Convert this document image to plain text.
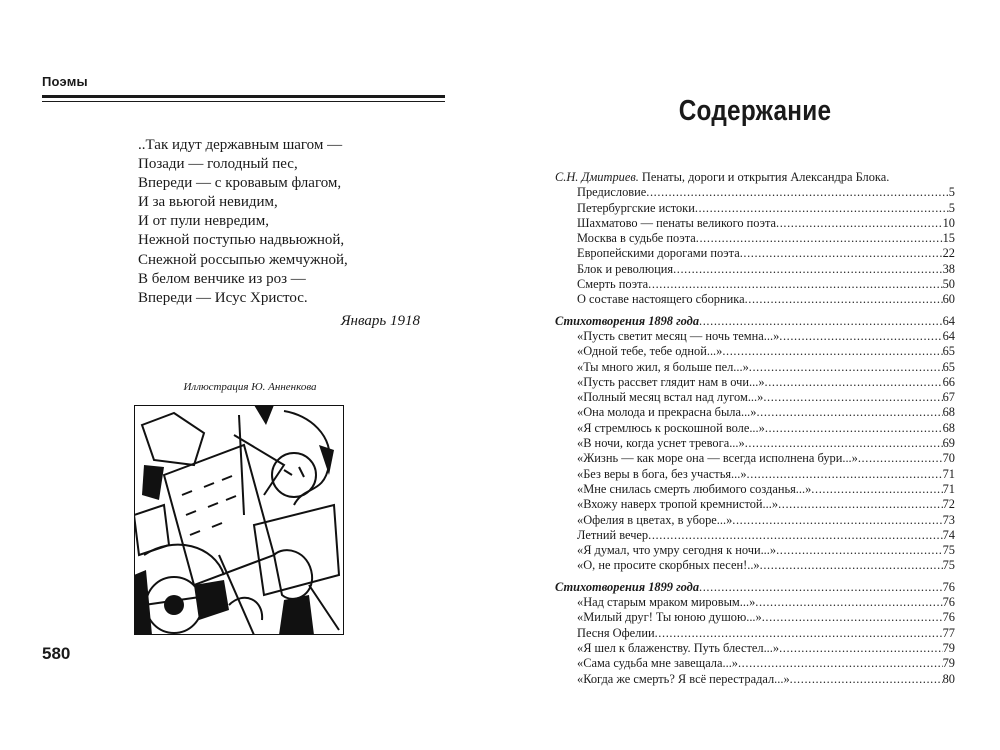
Поэмы
..Так идут державным шагом —
Позади — голодный пес,
Впереди — с кровавым флагом,
И за вьюгой невидим,
И от пули невредим,
Нежной поступью надвьюжной,
Снежной россыпью жемчужной,
В белом венчике из роз —
Впереди — Исус Христос.
Январь 1918
Иллюстрация Ю. Анненкова
580
Содержание
С.Н. Дмитриев. Пенаты, дороги и открытия Александра Блока.
Предисловие .....	5
Петербургские истоки .....	5
Шахматово — пенаты великого поэта .....	10
Москва в судьбе поэта .....	15
Европейскими дорогами поэта .....	22
Блок и революция .....	38
Смерть поэта .....	50
О составе настоящего сборника .....	60
Стихотворения 1898 года .....	64
«Пусть светит месяц — ночь темна...» .....	64
«Одной тебе, тебе одной...» .....	65
«Ты много жил, я больше пел...» .....	65
«Пусть рассвет глядит нам в очи...» .....	66
«Полный месяц встал над лугом...» .....	67
«Она молода и прекрасна была...» .....	68
«Я стремлюсь к роскошной воле...» .....	68
«В ночи, когда уснет тревога...» .....	69
«Жизнь — как море она — всегда исполнена бури...» .....	70
«Без веры в бога, без участья...» .....	71
«Мне снилась смерть любимого созданья...» .....	71
«Вхожу наверх тропой кремнистой...» .....	72
«Офелия в цветах, в уборе...» .....	73
Летний вечер .....	74
«Я думал, что умру сегодня к ночи...» .....	75
«О, не просите скорбных песен!..» .....	75
Стихотворения 1899 года .....	76
«Над старым мраком мировым...» .....	76
«Милый друг! Ты юною душою...» .....	76
Песня Офелии .....	77
«Я шел к блаженству. Путь блестел...» .....	79
«Сама судьба мне завещала...» .....	79
«Когда же смерть? Я всё перестрадал...» .....	80
